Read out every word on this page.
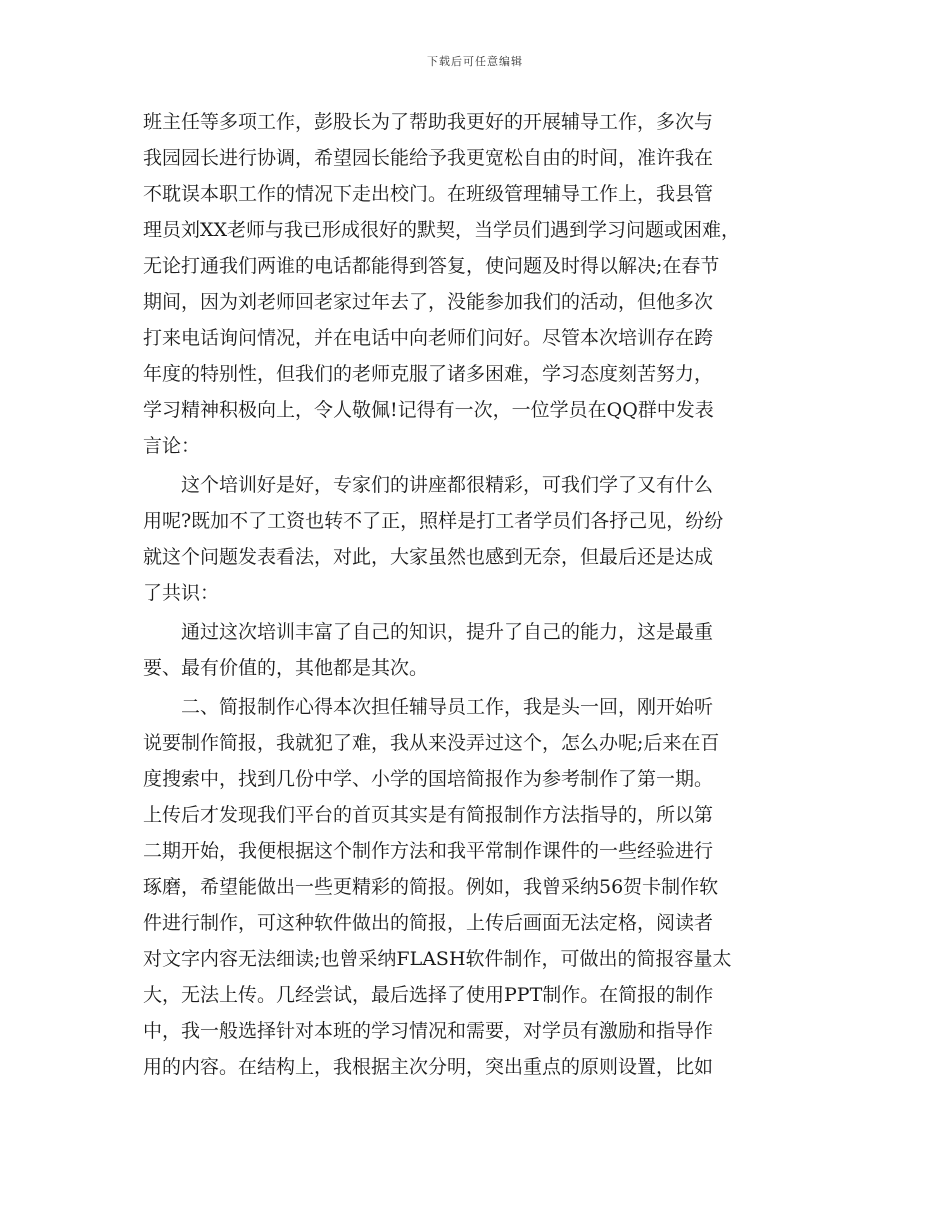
下载后可任意编辑
班主任等多项工作，彭股长为了帮助我更好的开展辅导工作，多次与
我园园长进行协调，希望园长能给予我更宽松自由的时间，准许我在
不耽误本职工作的情况下走出校门。在班级管理辅导工作上，我县管
理员刘XX老师与我已形成很好的默契，当学员们遇到学习问题或困难，
无论打通我们两谁的电话都能得到答复，使问题及时得以解决;在春节
期间，因为刘老师回老家过年去了，没能参加我们的活动，但他多次
打来电话询问情况，并在电话中向老师们问好。尽管本次培训存在跨
年度的特别性，但我们的老师克服了诸多困难，学习态度刻苦努力，
学习精神积极向上，令人敬佩!记得有一次，一位学员在QQ群中发表
言论：
　　这个培训好是好，专家们的讲座都很精彩，可我们学了又有什么
用呢?既加不了工资也转不了正，照样是打工者学员们各抒己见，纷纷
就这个问题发表看法，对此，大家虽然也感到无奈，但最后还是达成
了共识：
　　通过这次培训丰富了自己的知识，提升了自己的能力，这是最重
要、最有价值的，其他都是其次。
　　二、简报制作心得本次担任辅导员工作，我是头一回，刚开始听
说要制作简报，我就犯了难，我从来没弄过这个，怎么办呢;后来在百
度搜索中，找到几份中学、小学的国培简报作为参考制作了第一期。
上传后才发现我们平台的首页其实是有简报制作方法指导的，所以第
二期开始，我便根据这个制作方法和我平常制作课件的一些经验进行
琢磨，希望能做出一些更精彩的简报。例如，我曾采纳56贺卡制作软
件进行制作，可这种软件做出的简报，上传后画面无法定格，阅读者
对文字内容无法细读;也曾采纳FLASH软件制作，可做出的简报容量太
大，无法上传。几经尝试，最后选择了使用PPT制作。在简报的制作
中，我一般选择针对本班的学习情况和需要，对学员有激励和指导作
用的内容。在结构上，我根据主次分明，突出重点的原则设置，比如
